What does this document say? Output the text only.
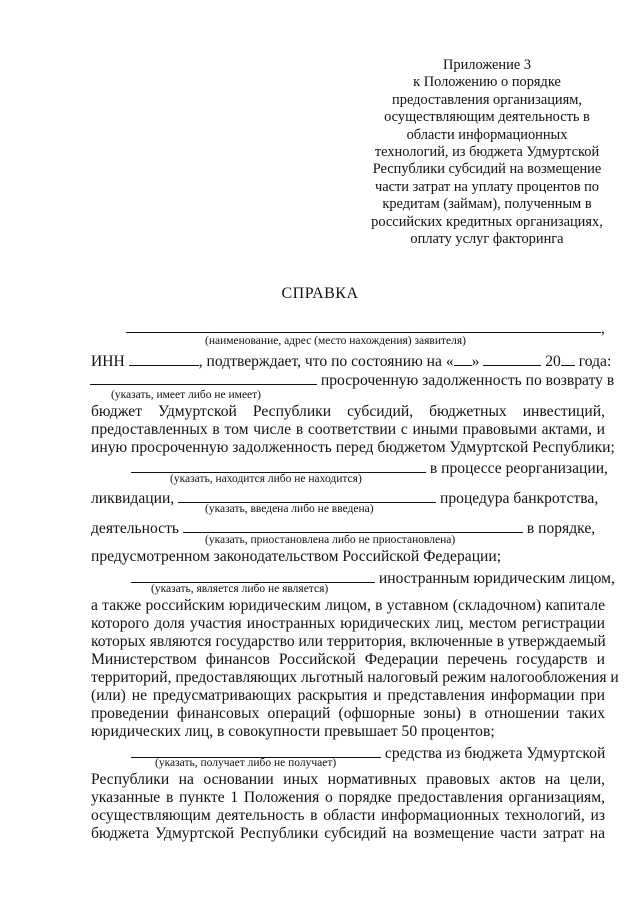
Приложение 3
к Положению о порядке
предоставления организациям,
осуществляющим деятельность в
области информационных
технологий, из бюджета Удмуртской
Республики субсидий на возмещение
части затрат на уплату процентов по
кредитам (займам), полученным в
российских кредитных организациях,
оплату услуг факторинга
СПРАВКА
,
(наименование, адрес (место нахождения) заявителя)
ИНН	, подтверждает, что по состоянию на « »	20 года:
просроченную задолженность по возврату в
(указать, имеет либо не имеет)
бюджет Удмуртской Республики субсидий, бюджетных инвестиций,
предоставленных в том числе в соответствии с иными правовыми актами, и
иную просроченную задолженность перед бюджетом Удмуртской Республики;
в процессе реорганизации,
(указать, находится либо не находится)
ликвидации,	процедура банкротства,
(указать, введена либо не введена)
деятельность	в порядке,
(указать, приостановлена либо не приостановлена)
предусмотренном законодательством Российской Федерации;
иностранным юридическим лицом,
(указать, является либо не является)
а также российским юридическим лицом, в уставном (складочном) капитале
которого доля участия иностранных юридических лиц, местом регистрации
которых являются государство или территория, включенные в утверждаемый
Министерством финансов Российской Федерации перечень государств и
территорий, предоставляющих льготный налоговый режим налогообложения и
(или) не предусматривающих раскрытия и представления информации при
проведении финансовых операций (офшорные зоны) в отношении таких
юридических лиц, в совокупности превышает 50 процентов;
средства из бюджета Удмуртской
(указать, получает либо не получает)
Республики на основании иных нормативных правовых актов на цели,
указанные в пункте 1 Положения о порядке предоставления организациям,
осуществляющим деятельность в области информационных технологий, из
бюджета Удмуртской Республики субсидий на возмещение части затрат на
